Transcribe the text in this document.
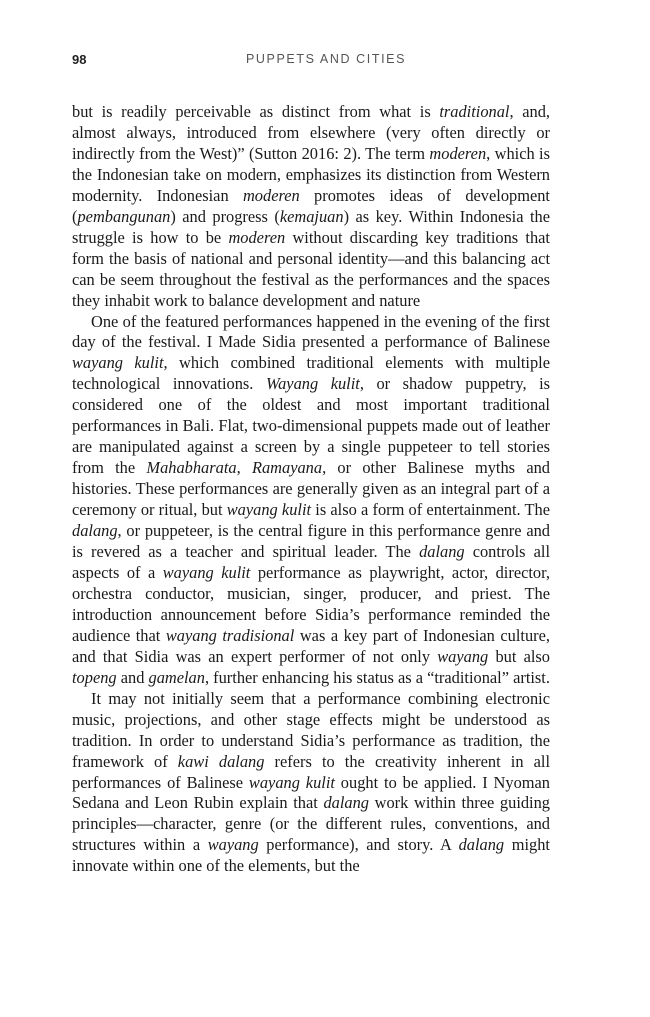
98	PUPPETS AND CITIES

but is readily perceivable as distinct from what is traditional, and, almost always, introduced from elsewhere (very often directly or indirectly from the West)” (Sutton 2016: 2). The term moderen, which is the Indonesian take on modern, emphasizes its distinction from Western modernity. Indonesian moderen promotes ideas of development (pembangunan) and progress (kemajuan) as key. Within Indonesia the struggle is how to be moderen without discarding key traditions that form the basis of national and personal identity—and this balancing act can be seem throughout the festival as the performances and the spaces they inhabit work to balance development and nature

One of the featured performances happened in the evening of the first day of the festival. I Made Sidia presented a performance of Balinese wayang kulit, which combined traditional elements with multiple technological innovations. Wayang kulit, or shadow puppetry, is considered one of the oldest and most important traditional performances in Bali. Flat, two-dimensional puppets made out of leather are manipulated against a screen by a single puppeteer to tell stories from the Mahabharata, Ramayana, or other Balinese myths and histories. These performances are generally given as an integral part of a ceremony or ritual, but wayang kulit is also a form of entertainment. The dalang, or puppeteer, is the central figure in this performance genre and is revered as a teacher and spiritual leader. The dalang controls all aspects of a wayang kulit performance as playwright, actor, director, orchestra conductor, musician, singer, producer, and priest. The introduction announcement before Sidia’s performance reminded the audience that wayang tradisional was a key part of Indonesian culture, and that Sidia was an expert performer of not only wayang but also topeng and gamelan, further enhancing his status as a “traditional” artist.

It may not initially seem that a performance combining electronic music, projections, and other stage effects might be understood as tradition. In order to understand Sidia’s performance as tradition, the framework of kawi dalang refers to the creativity inherent in all performances of Balinese wayang kulit ought to be applied. I Nyoman Sedana and Leon Rubin explain that dalang work within three guiding principles—character, genre (or the different rules, conventions, and structures within a wayang performance), and story. A dalang might innovate within one of the elements, but the
